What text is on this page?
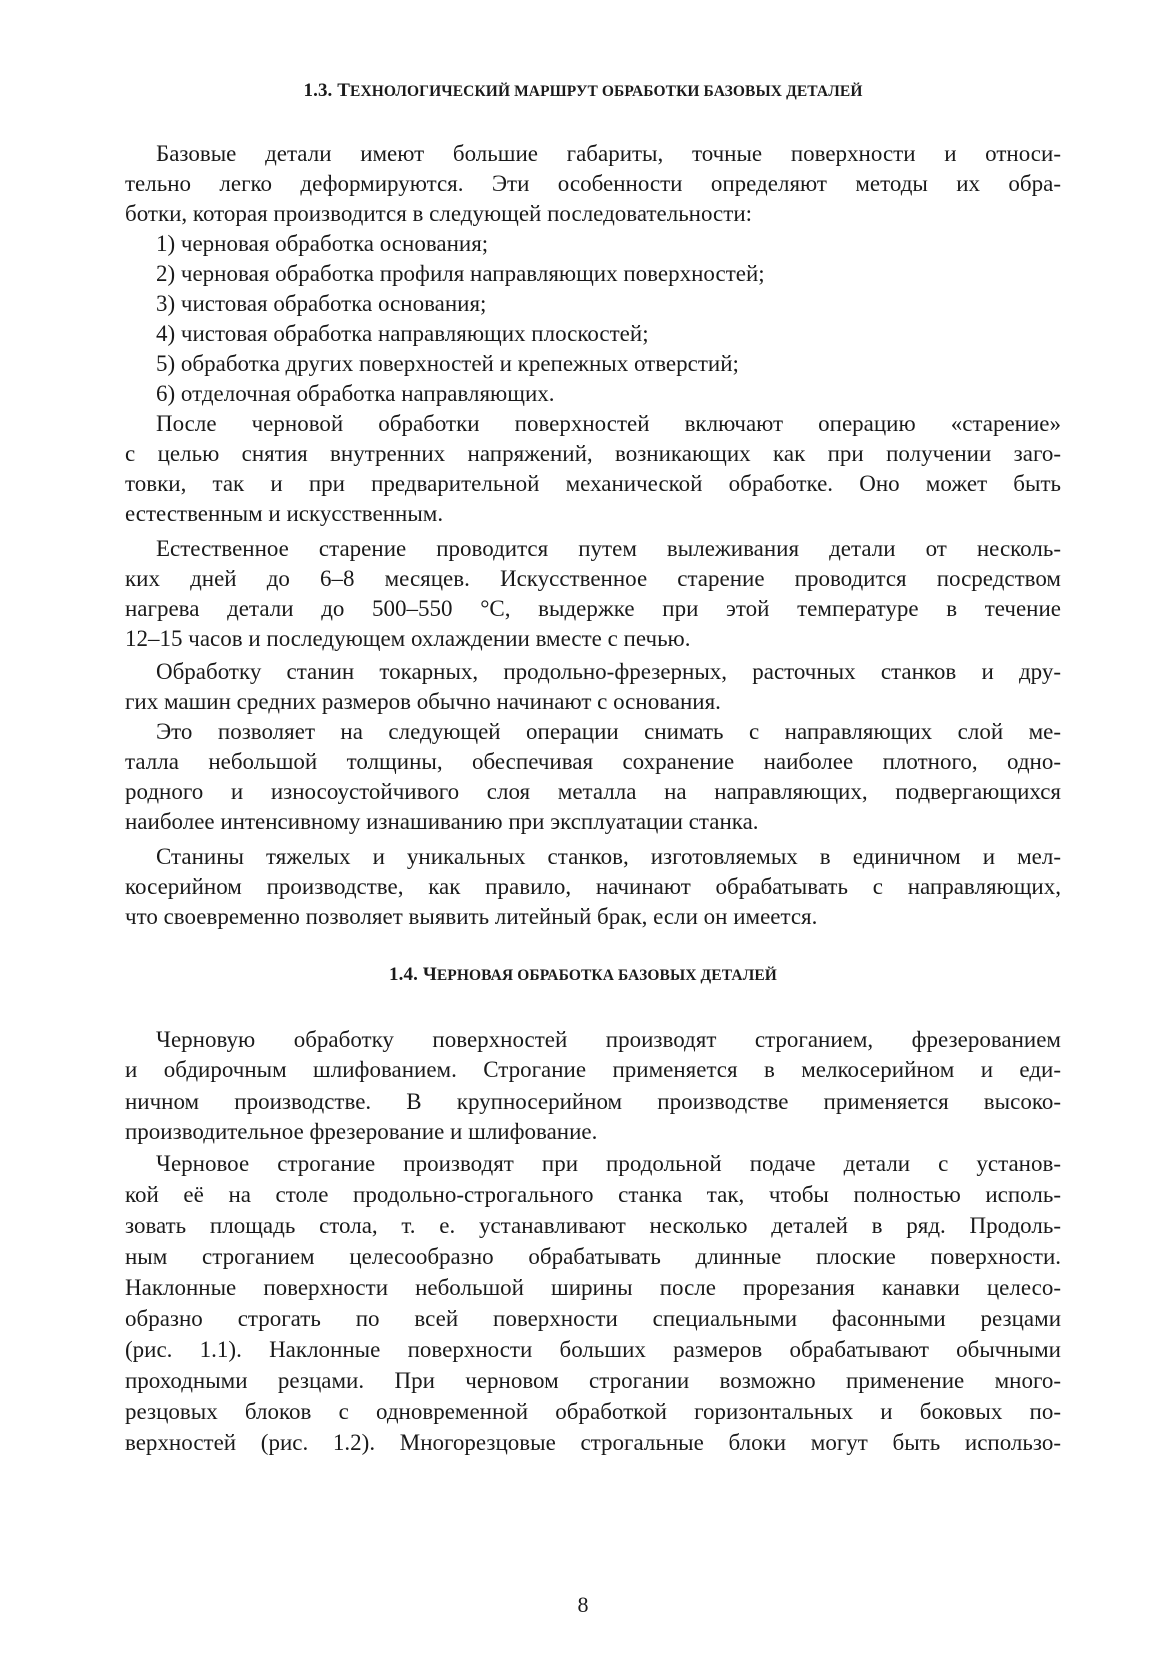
1.3. ТЕХНОЛОГИЧЕСКИЙ МАРШРУТ ОБРАБОТКИ БАЗОВЫХ ДЕТАЛЕЙ
Базовые детали имеют большие габариты, точные поверхности и относи-
тельно легко деформируются. Эти особенности определяют методы их обра-
ботки, которая производится в следующей последовательности:
1) черновая обработка основания;
2) черновая обработка профиля направляющих поверхностей;
3) чистовая обработка основания;
4) чистовая обработка направляющих плоскостей;
5) обработка других поверхностей и крепежных отверстий;
6) отделочная обработка направляющих.
После черновой обработки поверхностей включают операцию «старение»
с целью снятия внутренних напряжений, возникающих как при получении заго-
товки, так и при предварительной механической обработке. Оно может быть
естественным и искусственным.
Естественное старение проводится путем вылеживания детали от несколь-
ких дней до 6–8 месяцев. Искусственное старение проводится посредством
нагрева детали до 500–550 °C, выдержке при этой температуре в течение
12–15 часов и последующем охлаждении вместе с печью.
Обработку станин токарных, продольно-фрезерных, расточных станков и дру-
гих машин средних размеров обычно начинают с основания.
Это позволяет на следующей операции снимать с направляющих слой ме-
талла небольшой толщины, обеспечивая сохранение наиболее плотного, одно-
родного и износоустойчивого слоя металла на направляющих, подвергающихся
наиболее интенсивному изнашиванию при эксплуатации станка.
Станины тяжелых и уникальных станков, изготовляемых в единичном и мел-
косерийном производстве, как правило, начинают обрабатывать с направляющих,
что своевременно позволяет выявить литейный брак, если он имеется.
1.4. ЧЕРНОВАЯ ОБРАБОТКА БАЗОВЫХ ДЕТАЛЕЙ
Черновую обработку поверхностей производят строганием, фрезерованием
и обдирочным шлифованием. Строгание применяется в мелкосерийном и еди-
ничном производстве. В крупносерийном производстве применяется высоко-
производительное фрезерование и шлифование.
Черновое строгание производят при продольной подаче детали с установ-
кой её на столе продольно-строгального станка так, чтобы полностью исполь-
зовать площадь стола, т. е. устанавливают несколько деталей в ряд. Продоль-
ным строганием целесообразно обрабатывать длинные плоские поверхности.
Наклонные поверхности небольшой ширины после прорезания канавки целесо-
образно строгать по всей поверхности специальными фасонными резцами
(рис. 1.1). Наклонные поверхности больших размеров обрабатывают обычными
проходными резцами. При черновом строгании возможно применение много-
резцовых блоков с одновременной обработкой горизонтальных и боковых по-
верхностей (рис. 1.2). Многорезцовые строгальные блоки могут быть использо-
8
